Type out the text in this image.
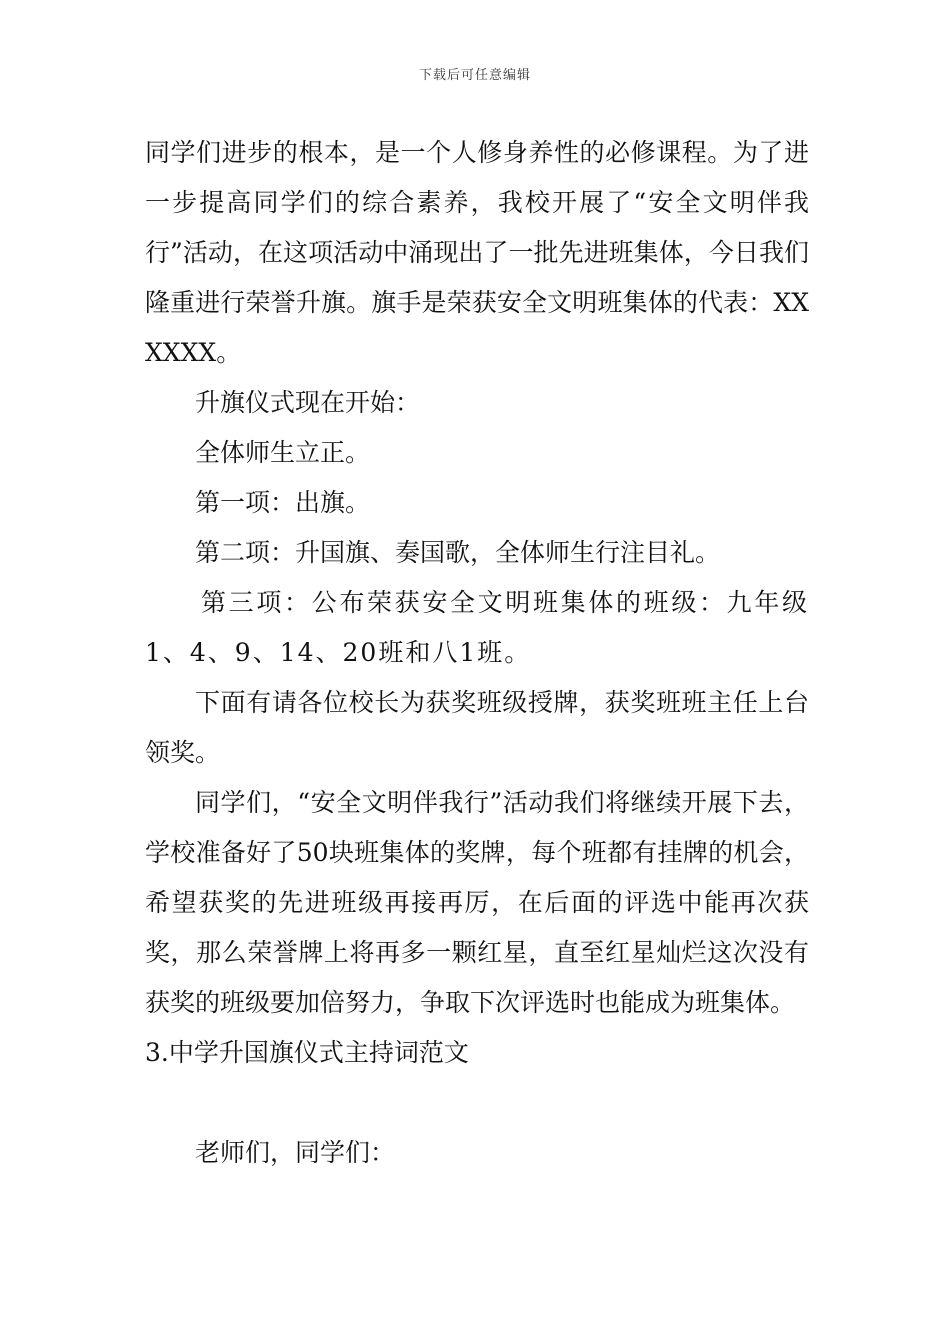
下载后可任意编辑

同学们进步的根本，是一个人修身养性的必修课程。为了进一步提高同学们的综合素养，我校开展了“安全文明伴我行”活动，在这项活动中涌现出了一批先进班集体，今日我们隆重进行荣誉升旗。旗手是荣获安全文明班集体的代表：XXXXXX。

升旗仪式现在开始：

全体师生立正。

第一项：出旗。

第二项：升国旗、奏国歌，全体师生行注目礼。

第三项：公布荣获安全文明班集体的班级：九年级1、4、9、14、20班和八1班。

下面有请各位校长为获奖班级授牌，获奖班班主任上台领奖。

同学们，“安全文明伴我行”活动我们将继续开展下去，学校准备好了50块班集体的奖牌，每个班都有挂牌的机会，希望获奖的先进班级再接再厉，在后面的评选中能再次获奖，那么荣誉牌上将再多一颗红星，直至红星灿烂这次没有获奖的班级要加倍努力，争取下次评选时也能成为班集体。

3.中学升国旗仪式主持词范文

老师们，同学们：
